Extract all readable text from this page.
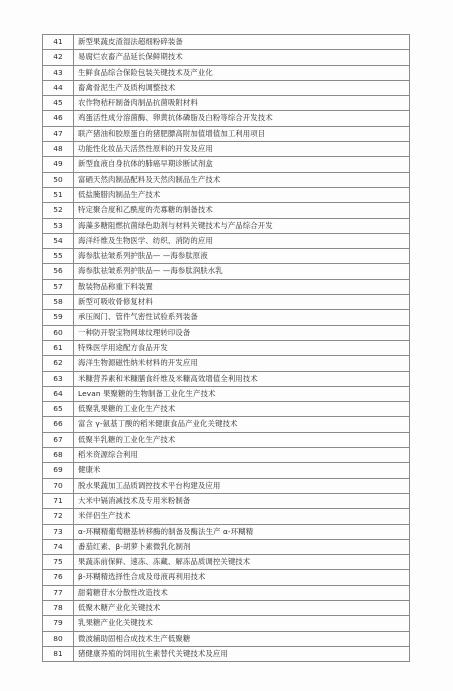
41	新型果蔬皮渣湿法超细粉碎装备
42	易腐烂农畜产品延长保鲜期技术
43	生鲜食品综合保险包装关键技术及产业化
44	畜禽骨泥生产及质构调整技术
45	农作物秸秆制备肉制品抗菌吸附材料
46	鸡蛋活性成分溶菌酶、卵黄抗体磷脂及白粉等综合开发技术
47	联产猪油和胶原蛋白的猪肥膘高附加值增值加工利用项目
48	功能性化妆品天活然性原料的开发及应用
49	新型血液自身抗体的肺癌早期诊断试剂盒
50	富硒天然肉制品配料及天然肉制品生产技术
51	低盐腌腊肉制品生产技术
52	特定聚合度和乙酰度的壳寡糖的制备技术
53	海藻多糖阻燃抗菌绿色助剂与材料关键技术与产品综合开发
54	海洋纤维及生物医学、纺织、消防的应用
55	海参肽祛皱系列护肤品— —海参肽原液
56	海参肽祛皱系列护肤品— —海参肽润肤水乳
57	散装物品称重下料装置
58	新型可吸收骨修复材料
59	承压阀门、管件气密性试验系列装备
60	一种防开裂宝物网球纹理转印设备
61	特殊医学用途配方食品开发
62	海洋生物源磁性纳米材料的开发应用
63	米糠营养素和米糠膳食纤维及米糠高效增值全利用技术
64	Levan 果聚糖的生物制备工业化生产技术
65	低聚乳果糖的工业化生产技术
66	富含 γ-氨基丁酸的稻米健康食品产业化关键技术
67	低聚半乳糖的工业化生产技术
68	稻米资源综合利用
69	健康米
70	脱水果蔬加工品质调控技术平台构建及应用
71	大米中镉消减技术及专用米粉制备
72	米伴侣生产技术
73	α-环糊精葡萄糖基转移酶的制备及酶法生产 α-环糊精
74	番茄红素、β-胡萝卜素微乳化制剂
75	果蔬冻前保鲜、速冻、冻藏、解冻品质调控关键技术
76	β-环糊精选择性合成及母液再利用技术
77	甜菊糖苷水分散性改造技术
78	低聚木糖产业化关键技术
79	乳果糖产业化关键技术
80	微波辅助固相合成技术生产低聚糖
81	猪健康养殖的饲用抗生素替代关键技术及应用
